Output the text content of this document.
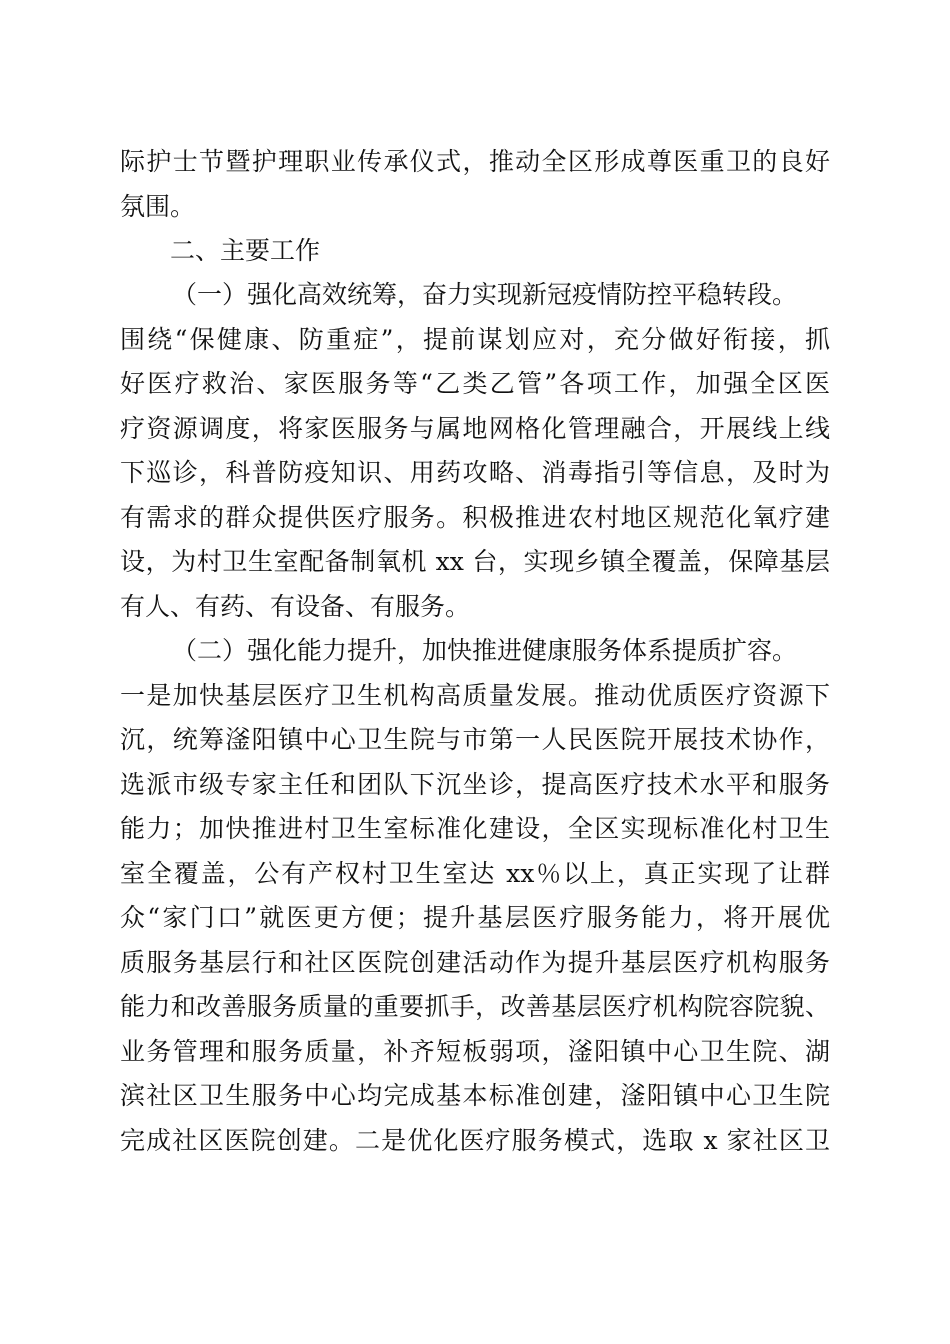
际护士节暨护理职业传承仪式，推动全区形成尊医重卫的良好
氛围。
二、主要工作
（一）强化高效统筹，奋力实现新冠疫情防控平稳转段。
围绕“保健康、防重症”，提前谋划应对，充分做好衔接，抓
好医疗救治、家医服务等“乙类乙管”各项工作，加强全区医
疗资源调度，将家医服务与属地网格化管理融合，开展线上线
下巡诊，科普防疫知识、用药攻略、消毒指引等信息，及时为
有需求的群众提供医疗服务。积极推进农村地区规范化氧疗建
设，为村卫生室配备制氧机 xx 台，实现乡镇全覆盖，保障基层
有人、有药、有设备、有服务。
（二）强化能力提升，加快推进健康服务体系提质扩容。
一是加快基层医疗卫生机构高质量发展。推动优质医疗资源下
沉，统筹滏阳镇中心卫生院与市第一人民医院开展技术协作，
选派市级专家主任和团队下沉坐诊，提高医疗技术水平和服务
能力；加快推进村卫生室标准化建设，全区实现标准化村卫生
室全覆盖，公有产权村卫生室达 xx％以上，真正实现了让群
众“家门口”就医更方便；提升基层医疗服务能力，将开展优
质服务基层行和社区医院创建活动作为提升基层医疗机构服务
能力和改善服务质量的重要抓手，改善基层医疗机构院容院貌、
业务管理和服务质量，补齐短板弱项，滏阳镇中心卫生院、湖
滨社区卫生服务中心均完成基本标准创建，滏阳镇中心卫生院
完成社区医院创建。二是优化医疗服务模式，选取 x 家社区卫
